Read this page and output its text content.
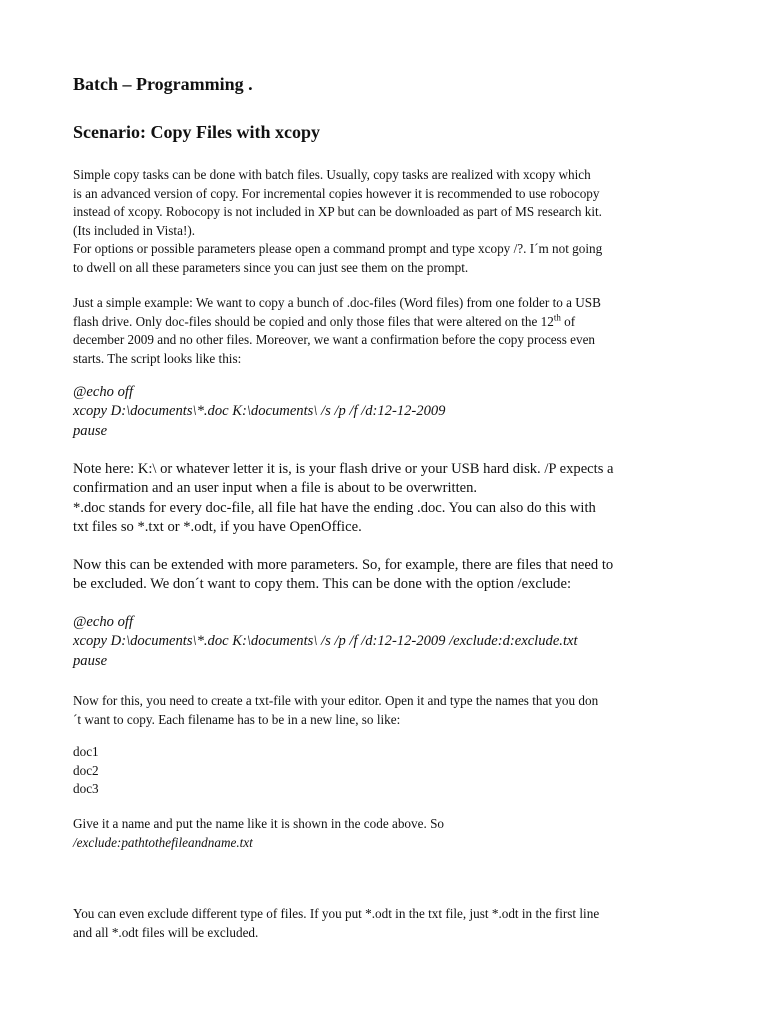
Batch – Programming .
Scenario: Copy Files with xcopy

Simple copy tasks can be done with batch files. Usually, copy tasks are realized with xcopy which
is an advanced version of copy. For incremental copies however it is recommended to use robocopy
instead of xcopy. Robocopy is not included in XP but can be downloaded as part of MS research kit.
(Its included in Vista!).
For options or possible parameters please open a command prompt and type xcopy /?. I´m not going
to dwell on all these parameters since you can just see them on the prompt.

Just a simple example: We want to copy a bunch of .doc-files (Word files) from one folder to a USB
flash drive. Only doc-files should be copied and only those files that were altered on the 12th of
december 2009 and no other files. Moreover, we want a confirmation before the copy process even
starts. The script looks like this:

@echo off
xcopy D:\documents\*.doc K:\documents\ /s /p /f /d:12-12-2009
pause

Note here: K:\ or whatever letter it is, is your flash drive or your USB hard disk. /P expects a
confirmation and an user input when a file is about to be overwritten.
*.doc stands for every doc-file, all file hat have the ending .doc. You can also do this with
txt files so *.txt or *.odt, if you have OpenOffice.

Now this can be extended with more parameters. So, for example, there are files that need to
be excluded. We don´t want to copy them. This can be done with the option /exclude:

@echo off
xcopy D:\documents\*.doc K:\documents\ /s /p /f /d:12-12-2009 /exclude:d:exclude.txt
pause

Now for this, you need to create a txt-file with your editor. Open it and type the names that you don
´t want to copy. Each filename has to be in a new line, so like:

doc1
doc2
doc3

Give it a name and put the name like it is shown in the code above. So
/exclude:pathtothefileandname.txt

You can even exclude different type of files. If you put *.odt in the txt file, just *.odt in the first line
and all *.odt files will be excluded.
